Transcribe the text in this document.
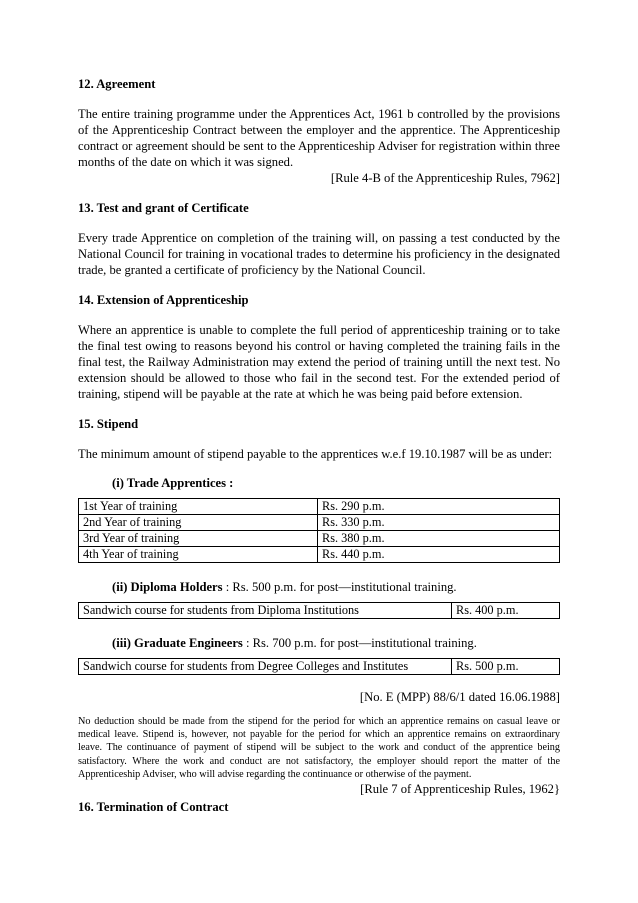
12. Agreement

The entire training programme under the Apprentices Act, 1961 b controlled by the provisions of the Apprenticeship Contract between the employer and the apprentice. The Apprenticeship contract or agreement should be sent to the Apprenticeship Adviser for registration within three months of the date on which it was signed.

[Rule 4-B of the Apprenticeship Rules, 7962]

13. Test and grant of Certificate

Every trade Apprentice on completion of the training will, on passing a test conducted by the National Council for training in vocational trades to determine his proficiency in the designated trade, be granted a certificate of proficiency by the National Council.

14. Extension of Apprenticeship

Where an apprentice is unable to complete the full period of apprenticeship training or to take the final test owing to reasons beyond his control or having completed the training fails in the final test, the Railway Administration may extend the period of training untill the next test. No extension should be allowed to those who fail in the second test. For the extended period of training, stipend will be payable at the rate at which he was being paid before extension.

15. Stipend

The minimum amount of stipend payable to the apprentices w.e.f 19.10.1987 will be as under:

(i) Trade Apprentices :
1st Year of training	Rs. 290 p.m.
2nd Year of training	Rs. 330 p.m.
3rd Year of training	Rs. 380 p.m.
4th Year of training	Rs. 440 p.m.
(ii) Diploma Holders : Rs. 500 p.m. for post—institutional training.
Sandwich course for students from Diploma Institutions	Rs. 400 p.m.
(iii) Graduate Engineers : Rs. 700 p.m. for post—institutional training.
Sandwich course for students from Degree Colleges and Institutes	Rs. 500 p.m.

[No. E (MPP) 88/6/1 dated 16.06.1988]

No deduction should be made from the stipend for the period for which an apprentice remains on casual leave or medical leave. Stipend is, however, not payable for the period for which an apprentice remains on extraordinary leave. The continuance of payment of stipend will be subject to the work and conduct of the apprentice being satisfactory. Where the work and conduct are not satisfactory, the employer should report the matter of the Apprenticeship Adviser, who will advise regarding the continuance or otherwise of the payment.

[Rule 7 of Apprenticeship Rules, 1962}

16. Termination of Contract
